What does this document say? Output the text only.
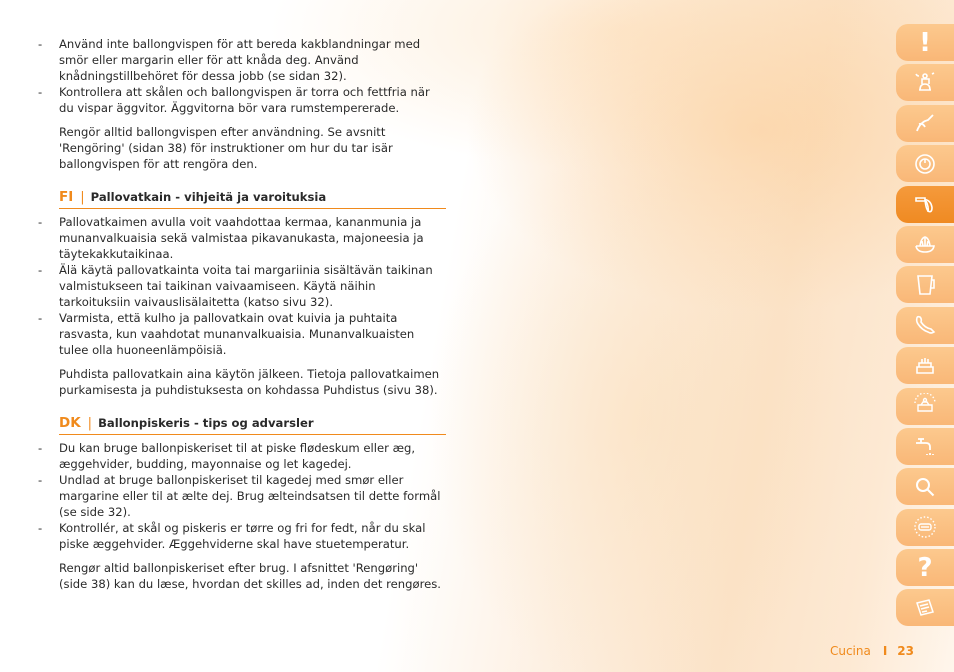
- Använd inte ballongvispen för att bereda kakblandningar med smör eller margarin eller för att knåda deg. Använd knådningstillbehöret för dessa jobb (se sidan 32).
- Kontrollera att skålen och ballongvispen är torra och fettfria när du vispar äggvitor. Äggvitorna bör vara rumstempererade.

Rengör alltid ballongvispen efter användning. Se avsnitt 'Rengöring' (sidan 38) för instruktioner om hur du tar isär ballongvispen för att rengöra den.

FI | Pallovatkain - vihjeitä ja varoituksia
- Pallovatkaimen avulla voit vaahdottaa kermaa, kananmunia ja munanvalkuaisia sekä valmistaa pikavanukasta, majoneesia ja täytekakkutaikinaa.
- Älä käytä pallovatkainta voita tai margariinia sisältävän taikinan valmistukseen tai taikinan vaivaamiseen. Käytä näihin tarkoituksiin vaivauslisälaitetta (katso sivu 32).
- Varmista, että kulho ja pallovatkain ovat kuivia ja puhtaita rasvasta, kun vaahdotat munanvalkuaisia. Munanvalkuaisten tulee olla huoneenlämpöisiä.

Puhdista pallovatkain aina käytön jälkeen. Tietoja pallovatkaimen purkamisesta ja puhdistuksesta on kohdassa Puhdistus (sivu 38).

DK | Ballonpiskeris - tips og advarsler
- Du kan bruge ballonpiskeriset til at piske flødeskum eller æg, æggehvider, budding, mayonnaise og let kagedej.
- Undlad at bruge ballonpiskeriset til kagedej med smør eller margarine eller til at ælte dej. Brug ælteindsatsen til dette formål (se side 32).
- Kontrollér, at skål og piskeris er tørre og fri for fedt, når du skal piske æggehvider. Æggehviderne skal have stuetemperatur.

Rengør altid ballonpiskeriset efter brug. I afsnittet 'Rengøring' (side 38) kan du læse, hvordan det skilles ad, inden det rengøres.

!
?
Cucina I 23
